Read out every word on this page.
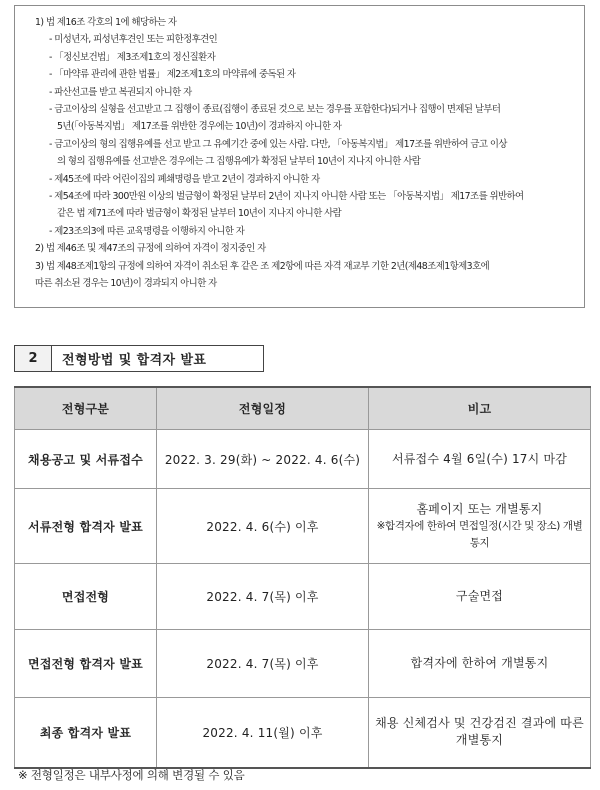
1) 법 제16조 각호의 1에 해당하는 자
- 미성년자, 피성년후견인 또는 피한정후견인
- 「정신보건법」 제3조제1호의 정신질환자
- 「마약류 관리에 관한 법률」 제2조제1호의 마약류에 중독된 자
- 파산선고를 받고 복권되지 아니한 자
- 금고이상의 실형을 선고받고 그 집행이 종료(집행이 종료된 것으로 보는 경우를 포함한다)되거나 집행이 면제된 날부터
5년(「아동복지법」 제17조를 위반한 경우에는 10년)이 경과하지 아니한 자
- 금고이상의 형의 집행유예를 선고 받고 그 유예기간 중에 있는 사람. 다만, 「아동복지법」 제17조를 위반하여 금고 이상
의 형의 집행유예를 선고받은 경우에는 그 집행유예가 확정된 날부터 10년이 지나지 아니한 사람
- 제45조에 따라 어린이집의 폐쇄명령을 받고 2년이 경과하지 아니한 자
- 제54조에 따라 300만원 이상의 벌금형이 확정된 날부터 2년이 지나지 아니한 사람 또는 「아동복지법」 제17조를 위반하여
같은 법 제71조에 따라 벌금형이 확정된 날부터 10년이 지나지 아니한 사람
- 제23조의3에 따른 교육명령을 이행하지 아니한 자
2) 법 제46조 및 제47조의 규정에 의하여 자격이 정지중인 자
3) 법 제48조제1항의 규정에 의하여 자격이 취소된 후 같은 조 제2항에 따른 자격 재교부 기한 2년(제48조제1항제3호에
따른 취소된 경우는 10년)이 경과되지 아니한 자
2	전형방법 및 합격자 발표
전형구분	전형일정	비고
채용공고 및 서류접수	2022. 3. 29(화) ~ 2022. 4. 6(수)	서류접수 4월 6일(수) 17시 마감

서류전형 합격자 발표	2022. 4. 6(수) 이후	홈페이지 또는 개별통지
※합격자에 한하여 면접일정(시간 및 장소) 개별통지

면접전형	2022. 4. 7(목) 이후	구술면접

면접전형 합격자 발표	2022. 4. 7(목) 이후	합격자에 한하여 개별통지

최종 합격자 발표	2022. 4. 11(월) 이후	채용 신체검사 및 건강검진 결과에 따른 개별통지
※ 전형일정은 내부사정에 의해 변경될 수 있음
